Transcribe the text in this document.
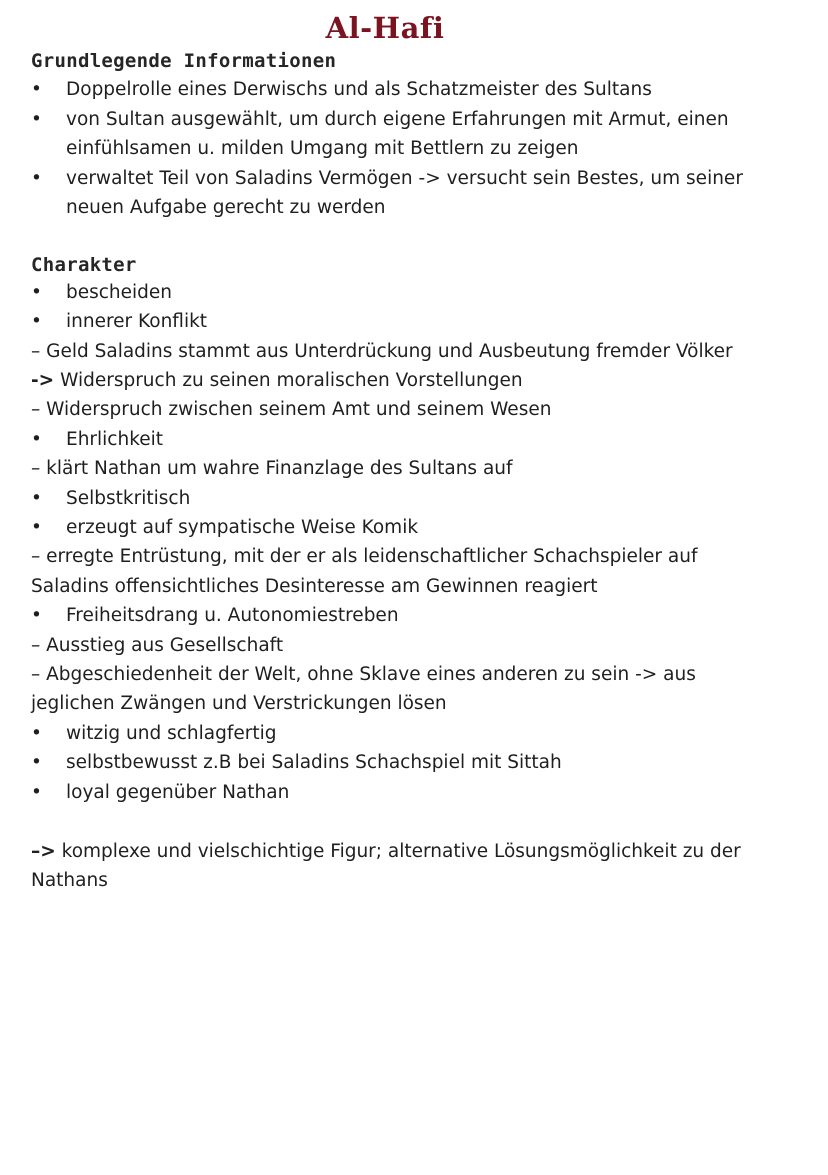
Al-Hafi
Grundlegende Informationen
•	Doppelrolle eines Derwischs und als Schatzmeister des Sultans
•	von Sultan ausgewählt, um durch eigene Erfahrungen mit Armut, einen
einfühlsamen u. milden Umgang mit Bettlern zu zeigen
•	verwaltet Teil von Saladins Vermögen -> versucht sein Bestes, um seiner
neuen Aufgabe gerecht zu werden
Charakter
•	bescheiden
•	innerer Konflikt
– Geld Saladins stammt aus Unterdrückung und Ausbeutung fremder Völker
-> Widerspruch zu seinen moralischen Vorstellungen
– Widerspruch zwischen seinem Amt und seinem Wesen
•	Ehrlichkeit
– klärt Nathan um wahre Finanzlage des Sultans auf
•	Selbstkritisch
•	erzeugt auf sympatische Weise Komik
– erregte Entrüstung, mit der er als leidenschaftlicher Schachspieler auf
Saladins offensichtliches Desinteresse am Gewinnen reagiert
•	Freiheitsdrang u. Autonomiestreben
– Ausstieg aus Gesellschaft
– Abgeschiedenheit der Welt, ohne Sklave eines anderen zu sein -> aus
jeglichen Zwängen und Verstrickungen lösen
•	witzig und schlagfertig
•	selbstbewusst z.B bei Saladins Schachspiel mit Sittah
•	loyal gegenüber Nathan
–> komplexe und vielschichtige Figur; alternative Lösungsmöglichkeit zu der
Nathans
